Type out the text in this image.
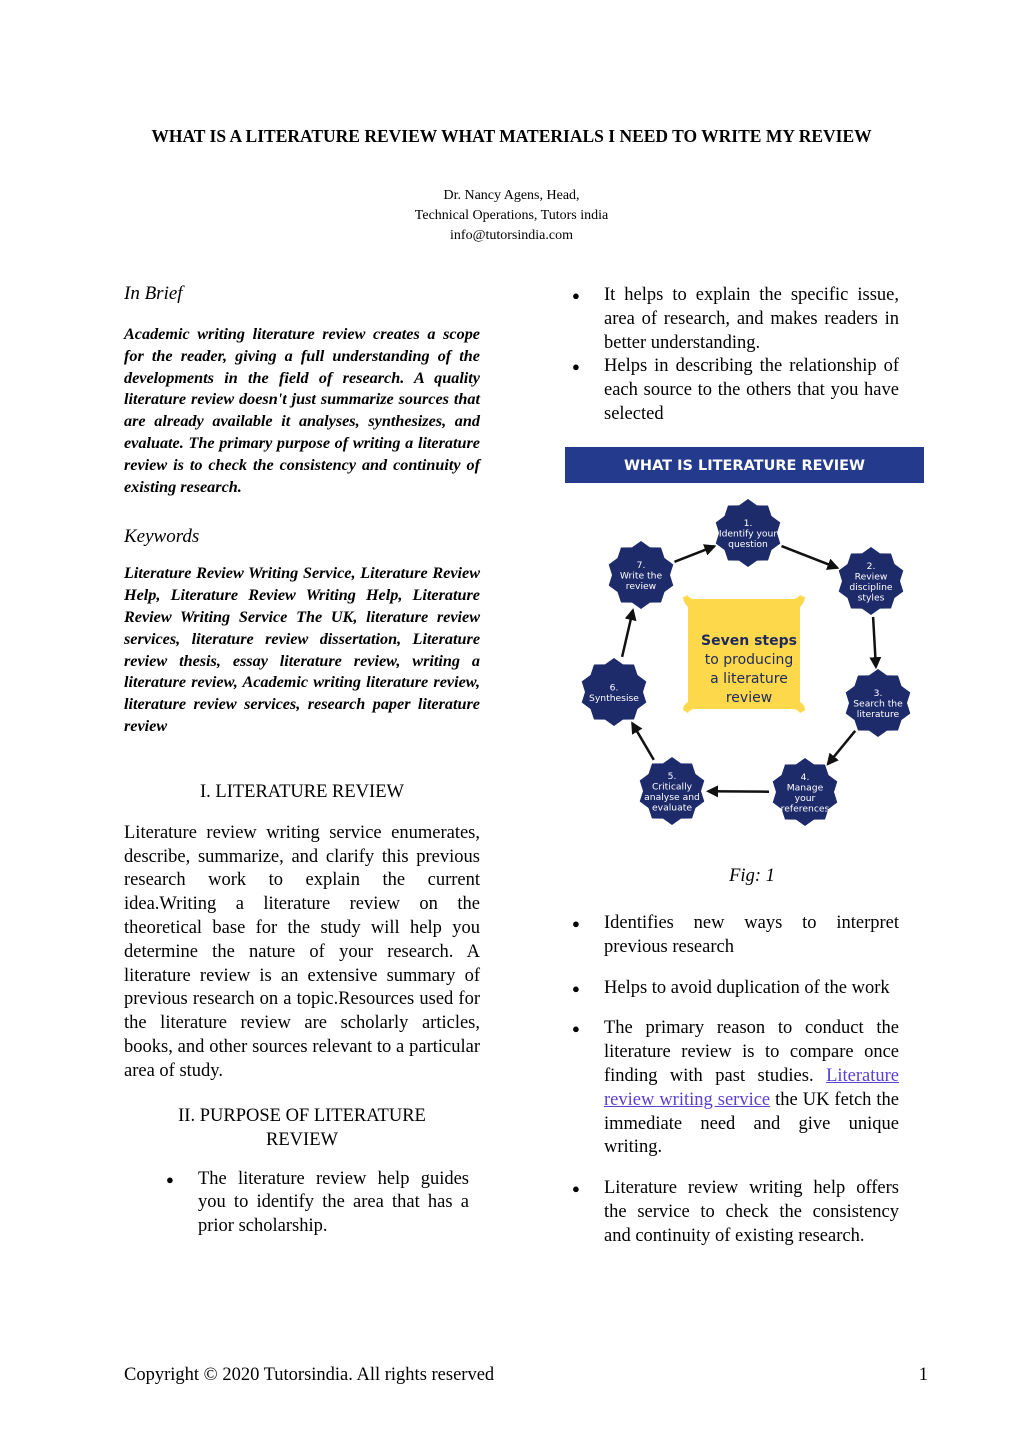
WHAT IS A LITERATURE REVIEW WHAT MATERIALS I NEED TO WRITE MY REVIEW
Dr. Nancy Agens, Head,
Technical Operations, Tutors india
info@tutorsindia.com

In Brief

Academic writing literature review creates a scope for the reader, giving a full understanding of the developments in the field of research. A quality literature review doesn't just summarize sources that are already available it analyses, synthesizes, and evaluate. The primary purpose of writing a literature review is to check the consistency and continuity of existing research.

Keywords

Literature Review Writing Service, Literature Review Help, Literature Review Writing Help, Literature Review Writing Service The UK, literature review services, literature review dissertation, Literature review thesis, essay literature review, writing a literature review, Academic writing literature review, literature review services, research paper literature review

I. LITERATURE REVIEW

Literature review writing service enumerates, describe, summarize, and clarify this previous research work to explain the current idea.Writing a literature review on the theoretical base for the study will help you determine the nature of your research. A literature review is an extensive summary of previous research on a topic.Resources used for the literature review are scholarly articles, books, and other sources relevant to a particular area of study.

II. PURPOSE OF LITERATURE REVIEW

● The literature review help guides you to identify the area that has a prior scholarship.
● It helps to explain the specific issue, area of research, and makes readers in better understanding.
● Helps in describing the relationship of each source to the others that you have selected
WHAT IS LITERATURE REVIEW
Seven steps
to producing
a literature
review
1.
Identify your
question
2.
Review
discipline
styles
3.
Search the
literature
4.
Manage
your
references
5.
Critically
analyse and
evaluate
6.
Synthesise
7.
Write the
review
Fig: 1
● Identifies new ways to interpret previous research
● Helps to avoid duplication of the work
● The primary reason to conduct the literature review is to compare once finding with past studies. Literature review writing service the UK fetch the immediate need and give unique writing.
● Literature review writing help offers the service to check the consistency and continuity of existing research.
Copyright © 2020 Tutorsindia. All rights reserved	1
